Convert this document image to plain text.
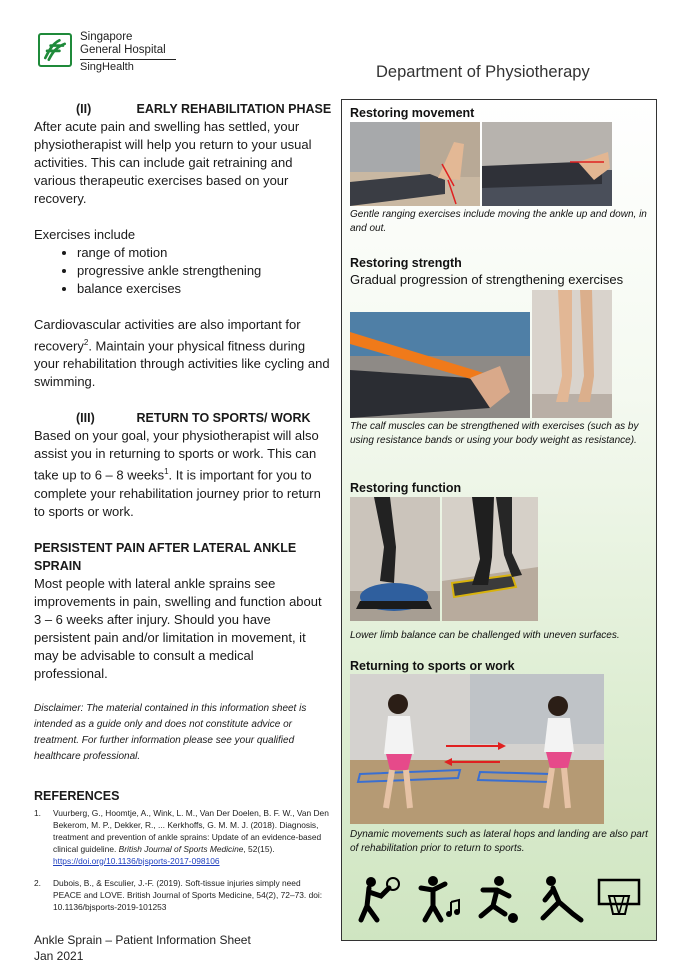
Singapore
General Hospital
SingHealth	Department of Physiotherapy

(II)	EARLY REHABILITATION PHASE

After acute pain and swelling has settled, your physiotherapist will help you return to your usual activities. This can include gait retraining and various therapeutic exercises based on your recovery.

Exercises include

• range of motion
• progressive ankle strengthening
• balance exercises

Cardiovascular activities are also important for recovery$^2$. Maintain your physical fitness during your rehabilitation through activities like cycling and swimming.

(III)	RETURN TO SPORTS/ WORK

Based on your goal, your physiotherapist will also assist you in returning to sports or work. This can take up to 6 – 8 weeks$^1$. It is important for you to complete your rehabilitation journey prior to return to sports or work.

PERSISTENT PAIN AFTER LATERAL ANKLE SPRAIN

Most people with lateral ankle sprains see improvements in pain, swelling and function about 3 – 6 weeks after injury. Should you have persistent pain and/or limitation in movement, it may be advisable to consult a medical professional.

Disclaimer: The material contained in this information sheet is intended as a guide only and does not constitute advice or treatment. For further information please see your qualified healthcare professional.

REFERENCES

1. Vuurberg, G., Hoomtje, A., Wink, L. M., Van Der Doelen, B. F. W., Van Den Bekerom, M. P., Dekker, R., ... Kerkhoffs, G. M. M. J. (2018). Diagnosis, treatment and prevention of ankle sprains: Update of an evidence-based clinical guideline. British Journal of Sports Medicine, 52(15). https://doi.org/10.1136/bjsports-2017-098106
2. Dubois, B., & Esculier, J.-F. (2019). Soft-tissue injuries simply need PEACE and LOVE. British Journal of Sports Medicine, 54(2), 72–73. doi: 10.1136/bjsports-2019-101253
Ankle Sprain – Patient Information Sheet
Jan 2021
Restoring movement
Gentle ranging exercises include moving the ankle up and down, in and out.
Restoring strength
Gradual progression of strengthening exercises
The calf muscles can be strengthened with exercises (such as by using resistance bands or using your body weight as resistance).
Restoring function
Lower limb balance can be challenged with uneven surfaces.
Returning to sports or work
Dynamic movements such as lateral hops and landing are also part of rehabilitation prior to return to sports.
